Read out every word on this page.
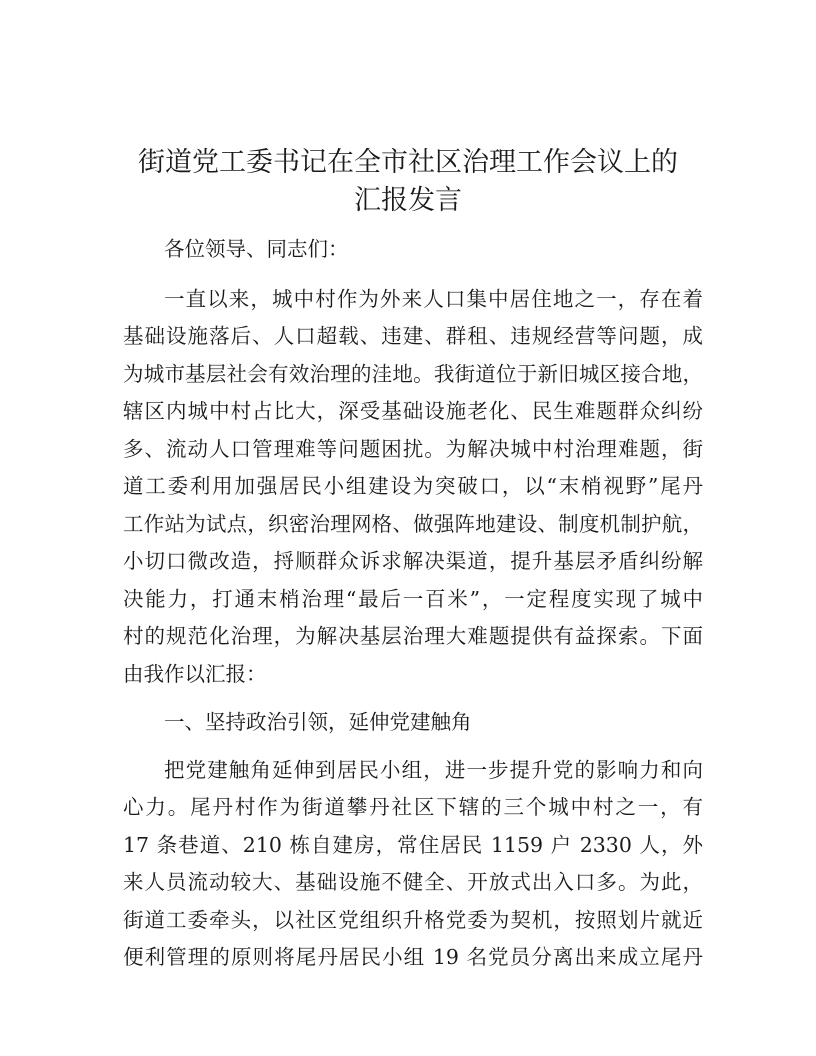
街道党工委书记在全市社区治理工作会议上的
汇报发言

各位领导、同志们：

一直以来，城中村作为外来人口集中居住地之一，存在着

基础设施落后、人口超载、违建、群租、违规经营等问题，成

为城市基层社会有效治理的洼地。我街道位于新旧城区接合地，

辖区内城中村占比大，深受基础设施老化、民生难题群众纠纷

多、流动人口管理难等问题困扰。为解决城中村治理难题，街

道工委利用加强居民小组建设为突破口，以“末梢视野”尾丹

工作站为试点，织密治理网格、做强阵地建设、制度机制护航，

小切口微改造，捋顺群众诉求解决渠道，提升基层矛盾纠纷解

决能力，打通末梢治理“最后一百米”，一定程度实现了城中

村的规范化治理，为解决基层治理大难题提供有益探索。下面

由我作以汇报：

一、坚持政治引领，延伸党建触角

把党建触角延伸到居民小组，进一步提升党的影响力和向

心力。尾丹村作为街道攀丹社区下辖的三个城中村之一，有

17 条巷道、210 栋自建房，常住居民 1159 户 2330 人，外

来人员流动较大、基础设施不健全、开放式出入口多。为此，

街道工委牵头，以社区党组织升格党委为契机，按照划片就近

便利管理的原则将尾丹居民小组 19 名党员分离出来成立尾丹
